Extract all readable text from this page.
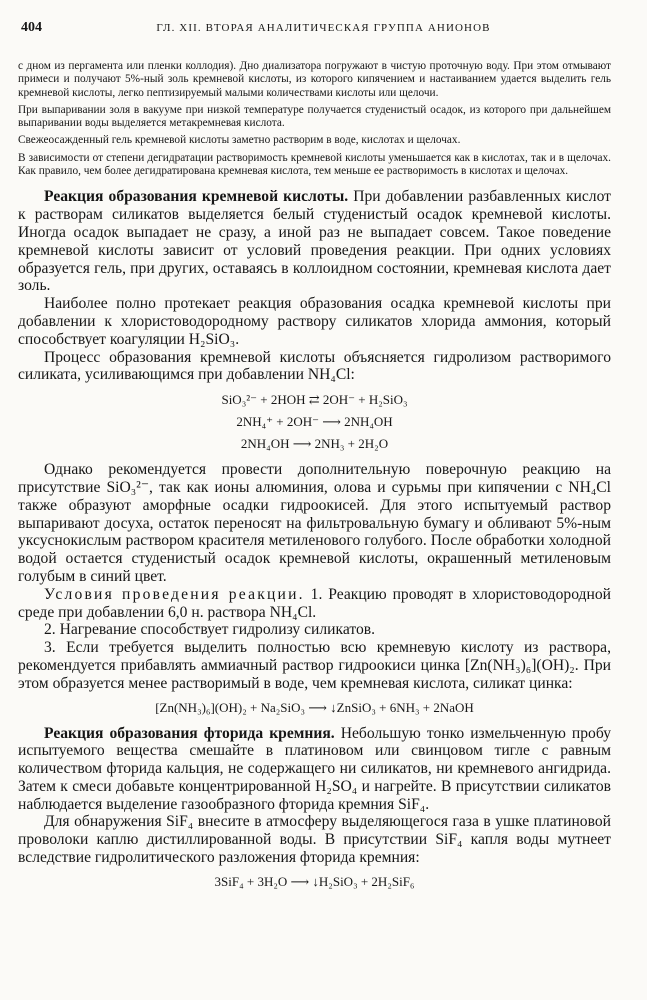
404	ГЛ. XII. ВТОРАЯ АНАЛИТИЧЕСКАЯ ГРУППА АНИОНОВ

с дном из пергамента или пленки коллодия). Дно диализатора погружают в чистую проточную воду. При этом отмывают примеси и получают 5%-ный золь кремневой кислоты, из которого кипячением и настаиванием удается выделить гель кремневой кислоты, легко пептизируемый малыми количествами кислоты или щелочи.

При выпаривании золя в вакууме при низкой температуре получается студенистый осадок, из которого при дальнейшем выпаривании воды выделяется метакремневая кислота.

Свежеосажденный гель кремневой кислоты заметно растворим в воде, кислотах и щелочах.

В зависимости от степени дегидратации растворимость кремневой кислоты уменьшается как в кислотах, так и в щелочах. Как правило, чем более дегидратирована кремневая кислота, тем меньше ее растворимость в кислотах и щелочах.

Реакция образования кремневой кислоты. При добавлении разбавленных кислот к растворам силикатов выделяется белый студенистый осадок кремневой кислоты. Иногда осадок выпадает не сразу, а иной раз не выпадает совсем. Такое поведение кремневой кислоты зависит от условий проведения реакции. При одних условиях образуется гель, при других, оставаясь в коллоидном состоянии, кремневая кислота дает золь.

Наиболее полно протекает реакция образования осадка кремневой кислоты при добавлении к хлористоводородному раствору силикатов хлорида аммония, который способствует коагуляции H₂SiO₃.

Процесс образования кремневой кислоты объясняется гидролизом растворимого силиката, усиливающимся при добавлении NH₄Cl:

SiO₃²⁻ + 2HOH ⇄ 2OH⁻ + H₂SiO₃
2NH₄⁺ + 2OH⁻ ⟶ 2NH₄OH
2NH₄OH ⟶ 2NH₃ + 2H₂O

Однако рекомендуется провести дополнительную поверочную реакцию на присутствие SiO₃²⁻, так как ионы алюминия, олова и сурьмы при кипячении с NH₄Cl также образуют аморфные осадки гидроокисей. Для этого испытуемый раствор выпаривают досуха, остаток переносят на фильтровальную бумагу и обливают 5%-ным уксуснокислым раствором красителя метиленового голубого. После обработки холодной водой остается студенистый осадок кремневой кислоты, окрашенный метиленовым голубым в синий цвет.

Условия проведения реакции. 1. Реакцию проводят в хлористоводородной среде при добавлении 6,0 н. раствора NH₄Cl.

2. Нагревание способствует гидролизу силикатов.

3. Если требуется выделить полностью всю кремневую кислоту из раствора, рекомендуется прибавлять аммиачный раствор гидроокиси цинка [Zn(NH₃)₆](OH)₂. При этом образуется менее растворимый в воде, чем кремневая кислота, силикат цинка:

[Zn(NH₃)₆](OH)₂ + Na₂SiO₃ ⟶ ↓ZnSiO₃ + 6NH₃ + 2NaOH

Реакция образования фторида кремния. Небольшую тонко измельченную пробу испытуемого вещества смешайте в платиновом или свинцовом тигле с равным количеством фторида кальция, не содержащего ни силикатов, ни кремневого ангидрида. Затем к смеси добавьте концентрированной H₂SO₄ и нагрейте. В присутствии силикатов наблюдается выделение газообразного фторида кремния SiF₄.

Для обнаружения SiF₄ внесите в атмосферу выделяющегося газа в ушке платиновой проволоки каплю дистиллированной воды. В присутствии SiF₄ капля воды мутнеет вследствие гидролитического разложения фторида кремния:

3SiF₄ + 3H₂O ⟶ ↓H₂SiO₃ + 2H₂SiF₆
